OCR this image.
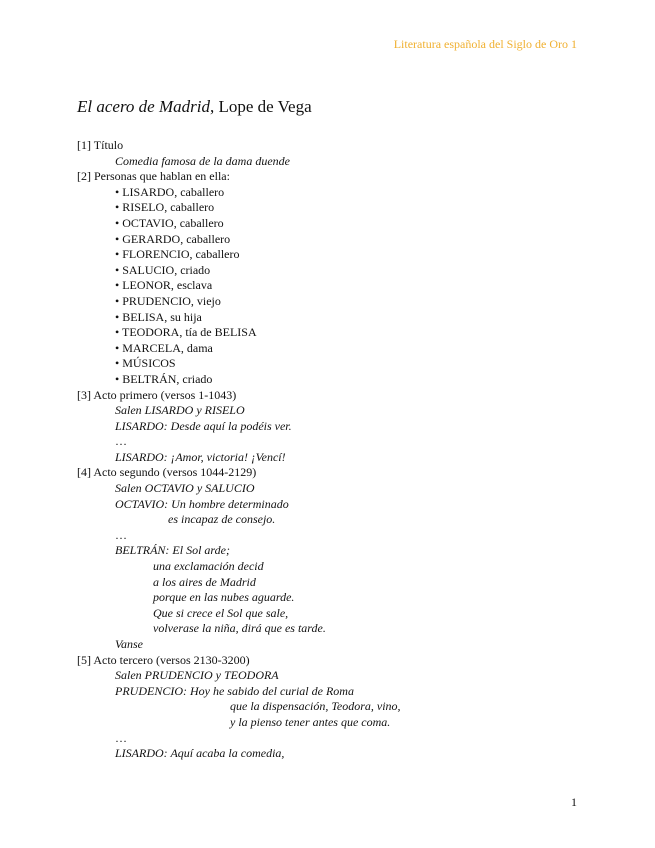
Literatura española del Siglo de Oro 1
El acero de Madrid, Lope de Vega
[1] Título
Comedia famosa de la dama duende
[2] Personas que hablan en ella:
• LISARDO, caballero
• RISELO, caballero
• OCTAVIO, caballero
• GERARDO, caballero
• FLORENCIO, caballero
• SALUCIO, criado
• LEONOR, esclava
• PRUDENCIO, viejo
• BELISA, su hija
• TEODORA, tía de BELISA
• MARCELA, dama
• MÚSICOS
• BELTRÁN, criado
[3] Acto primero (versos 1-1043)
Salen LISARDO y RISELO
LISARDO: Desde aquí la podéis ver.
…
LISARDO: ¡Amor, victoria! ¡Vencí!
[4] Acto segundo (versos 1044-2129)
Salen OCTAVIO y SALUCIO
OCTAVIO: Un hombre determinado
es incapaz de consejo.
…
BELTRÁN: El Sol arde;
una exclamación decid
a los aires de Madrid
porque en las nubes aguarde.
Que si crece el Sol que sale,
volverase la niña, dirá que es tarde.
Vanse
[5] Acto tercero (versos 2130-3200)
Salen PRUDENCIO y TEODORA
PRUDENCIO: Hoy he sabido del curial de Roma
que la dispensación, Teodora, vino,
y la pienso tener antes que coma.
…
LISARDO: Aquí acaba la comedia,
1
